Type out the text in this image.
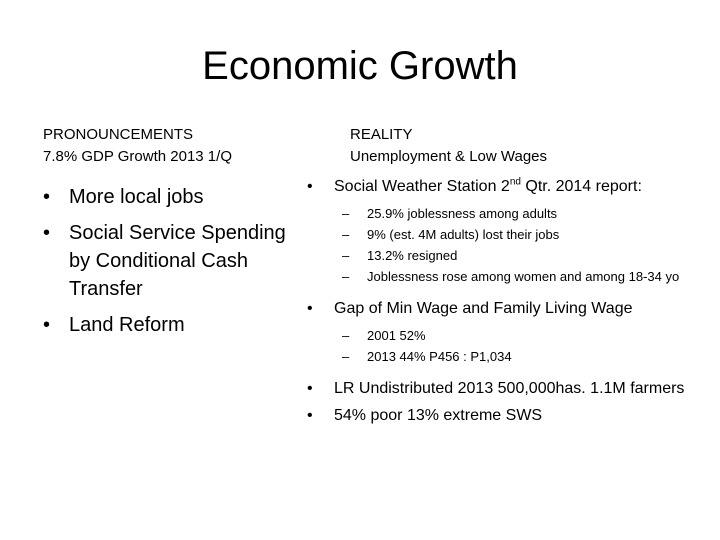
Economic Growth
PRONOUNCEMENTS
7.8% GDP Growth 2013 1/Q
REALITY
Unemployment & Low Wages
• More local jobs
• Social Service Spending by Conditional Cash Transfer
• Land Reform
• Social Weather Station 2nd Qtr. 2014 report:
– 25.9% joblessness among adults
– 9% (est. 4M adults) lost their jobs
– 13.2% resigned
– Joblessness rose among women and among 18-34 yo
• Gap of Min Wage and Family Living Wage
– 2001 52%
– 2013 44% P456 : P1,034
• LR Undistributed 2013 500,000has. 1.1M farmers
• 54% poor 13% extreme SWS
